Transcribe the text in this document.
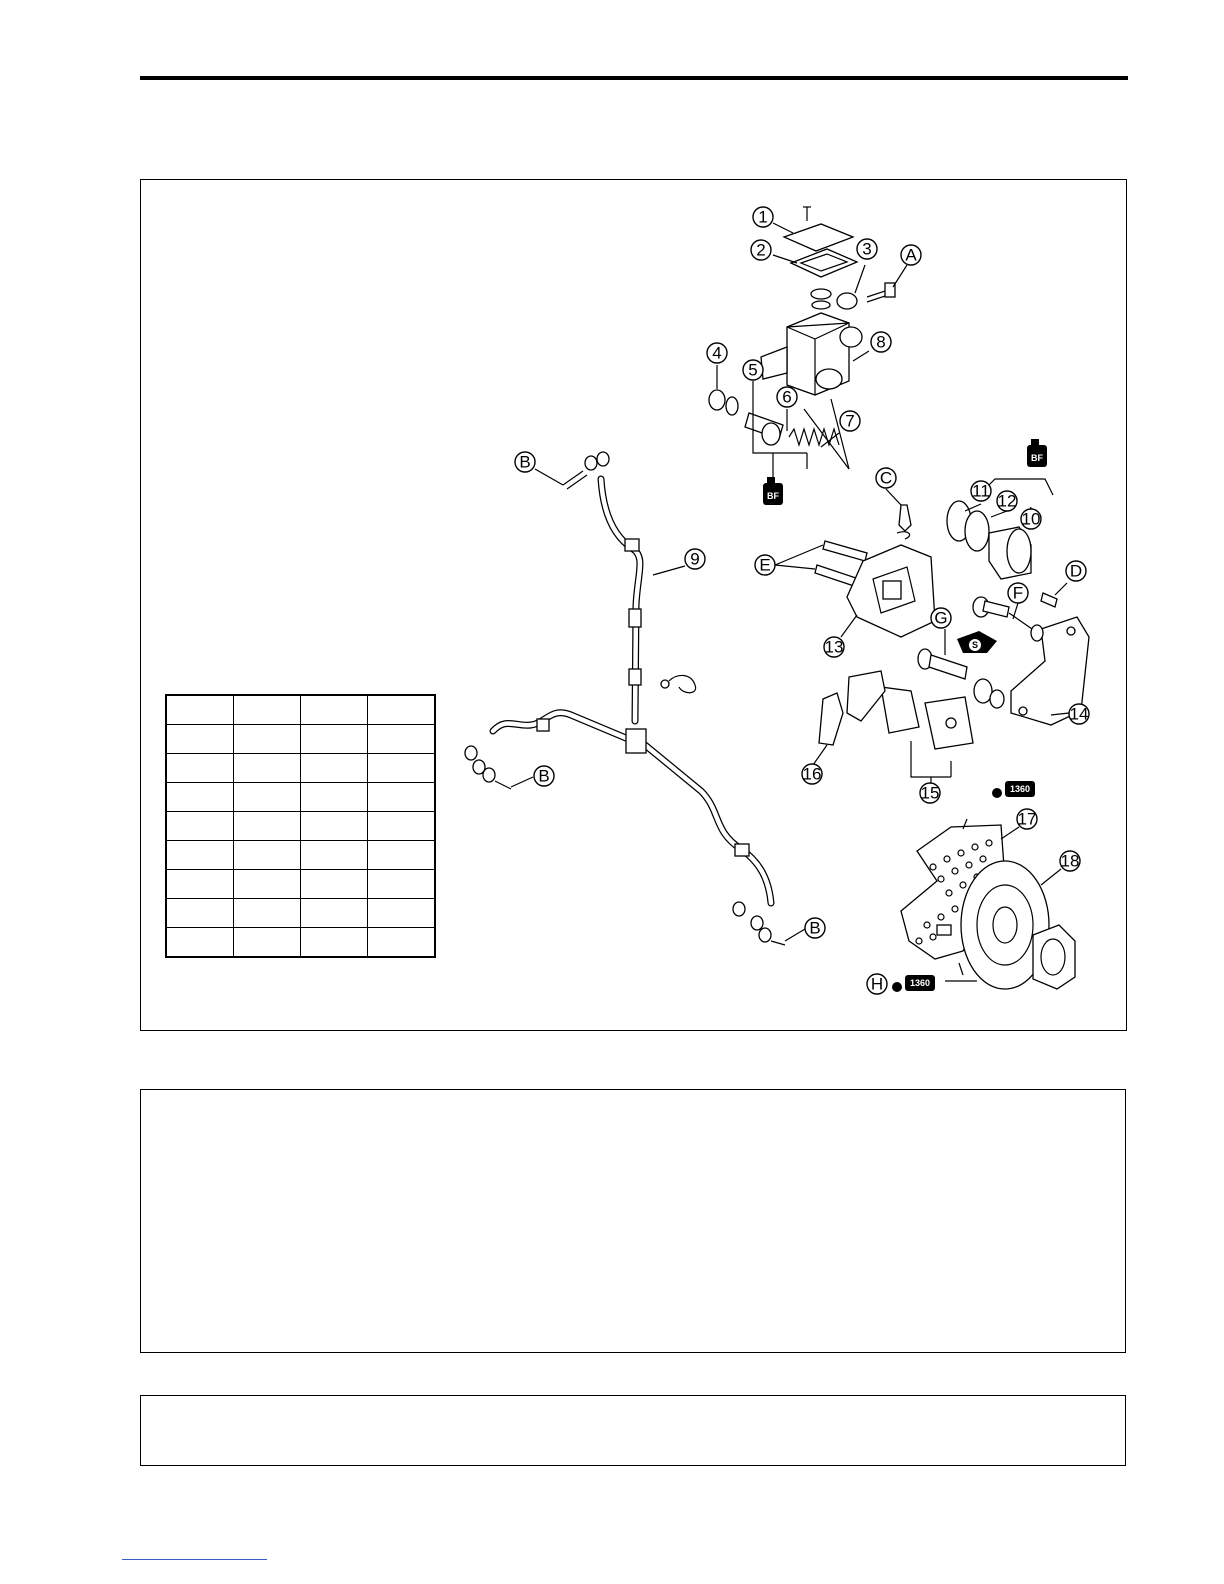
BF
BF
S
1360
1360
1
2	3 A
8
4
5
6
7
B
C
11
12
10
9	E	D
F
G
13
14
B	16
15
17
18
B
H
